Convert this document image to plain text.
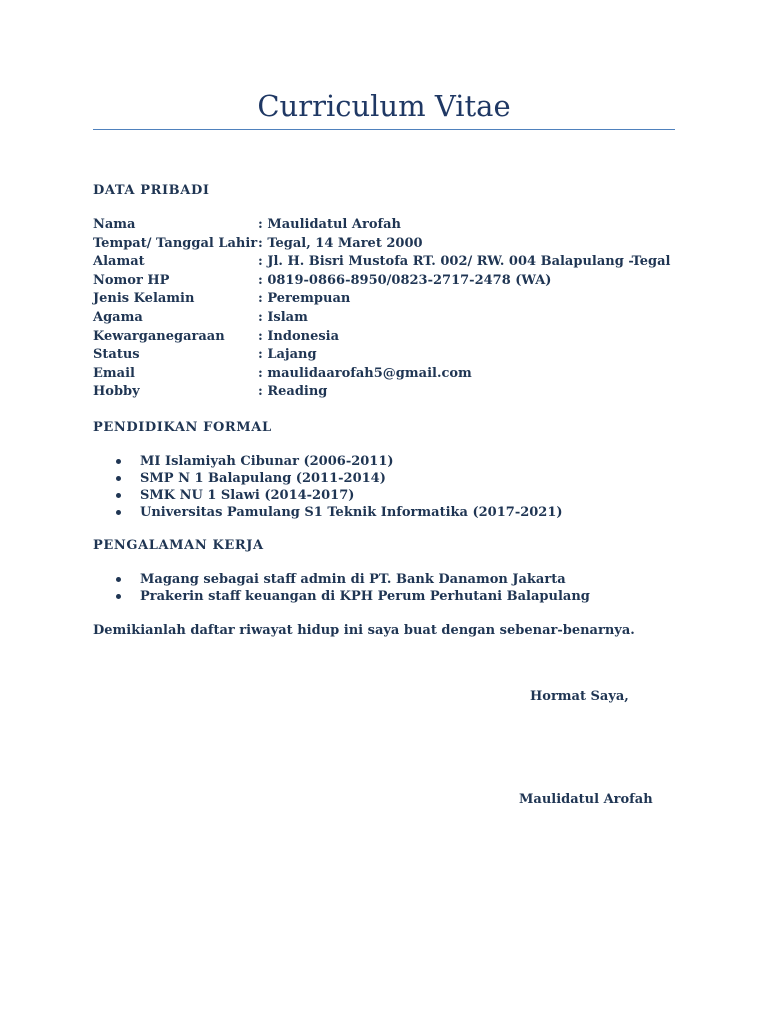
Curriculum Vitae
DATA PRIBADI
Nama	: Maulidatul Arofah
Tempat/ Tanggal Lahir	: Tegal, 14 Maret 2000
Alamat	: Jl. H. Bisri Mustofa RT. 002/ RW. 004 Balapulang -Tegal
Nomor HP	: 0819-0866-8950/0823-2717-2478 (WA)
Jenis Kelamin	: Perempuan
Agama	: Islam
Kewarganegaraan	: Indonesia
Status	: Lajang
Email	: maulidaarofah5@gmail.com
Hobby	: Reading
PENDIDIKAN FORMAL
MI Islamiyah Cibunar (2006-2011)
SMP N 1 Balapulang (2011-2014)
SMK NU 1 Slawi (2014-2017)
Universitas Pamulang S1 Teknik Informatika (2017-2021)
PENGALAMAN KERJA
Magang sebagai staff admin di PT. Bank Danamon Jakarta
Prakerin staff keuangan di KPH Perum Perhutani Balapulang

Demikianlah daftar riwayat hidup ini saya buat dengan sebenar-benarnya.

Hormat Saya,

Maulidatul Arofah
